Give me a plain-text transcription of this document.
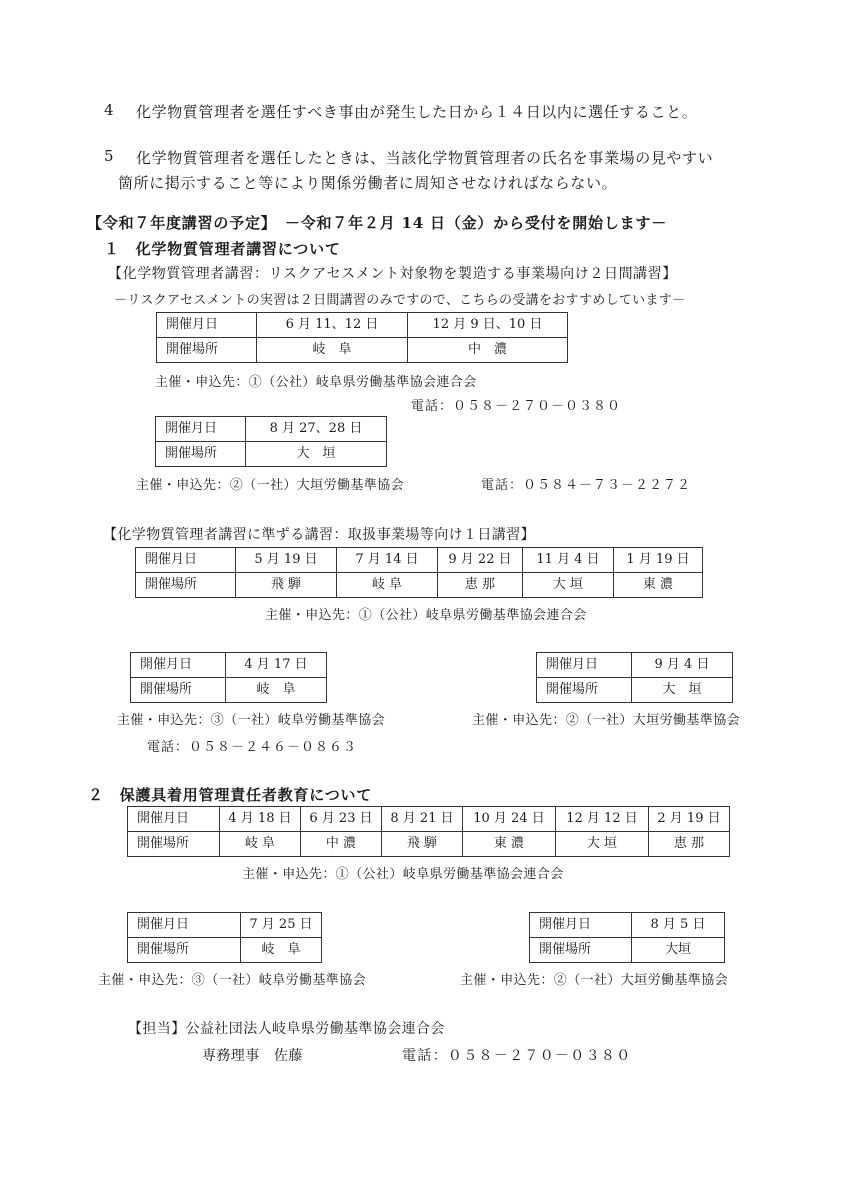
4 化学物質管理者を選任すべき事由が発生した日から１４日以内に選任すること。
5 化学物質管理者を選任したときは、当該化学物質管理者の氏名を事業場の見やすい
箇所に掲示すること等により関係労働者に周知させなければならない。
【令和７年度講習の予定】　－令和７年２月 14 日（金）から受付を開始します－
１　化学物質管理者講習について
【化学物質管理者講習：リスクアセスメント対象物を製造する事業場向け２日間講習】
－リスクアセスメントの実習は２日間講習のみですので、こちらの受講をおすすめしています－
開催月日	6 月 11、12 日	12 月 9 日、10 日
開催場所	岐　阜	中　濃
主催・申込先：①（公社）岐阜県労働基準協会連合会
電話：０５８－２７０－０３８０
開催月日	8 月 27、28 日
開催場所	大　垣
主催・申込先：②（一社）大垣労働基準協会	電話：０５８４－７３－２２７２
【化学物質管理者講習に準ずる講習：取扱事業場等向け１日講習】
開催月日	5 月 19 日	7 月 14 日	9 月 22 日	11 月 4 日	1 月 19 日
開催場所	飛 騨	岐 阜	恵 那	大 垣	東 濃
主催・申込先：①（公社）岐阜県労働基準協会連合会
開催月日	4 月 17 日
開催場所	岐　阜
開催月日	9 月 4 日
開催場所	大　垣
主催・申込先：③（一社）岐阜労働基準協会	主催・申込先：②（一社）大垣労働基準協会
電話：０５８－２４６－０８６３
２　保護具着用管理責任者教育について
開催月日	4 月 18 日	6 月 23 日	8 月 21 日	10 月 24 日	12 月 12 日	2 月 19 日
開催場所	岐 阜	中 濃	飛 騨	東 濃	大 垣	恵 那
主催・申込先：①（公社）岐阜県労働基準協会連合会
開催月日	7 月 25 日
開催場所	岐　阜
開催月日	8 月 5 日
開催場所	大垣
主催・申込先：③（一社）岐阜労働基準協会	主催・申込先：②（一社）大垣労働基準協会
【担当】公益社団法人岐阜県労働基準協会連合会
専務理事　佐藤	電話：０５８－２７０－０３８０
